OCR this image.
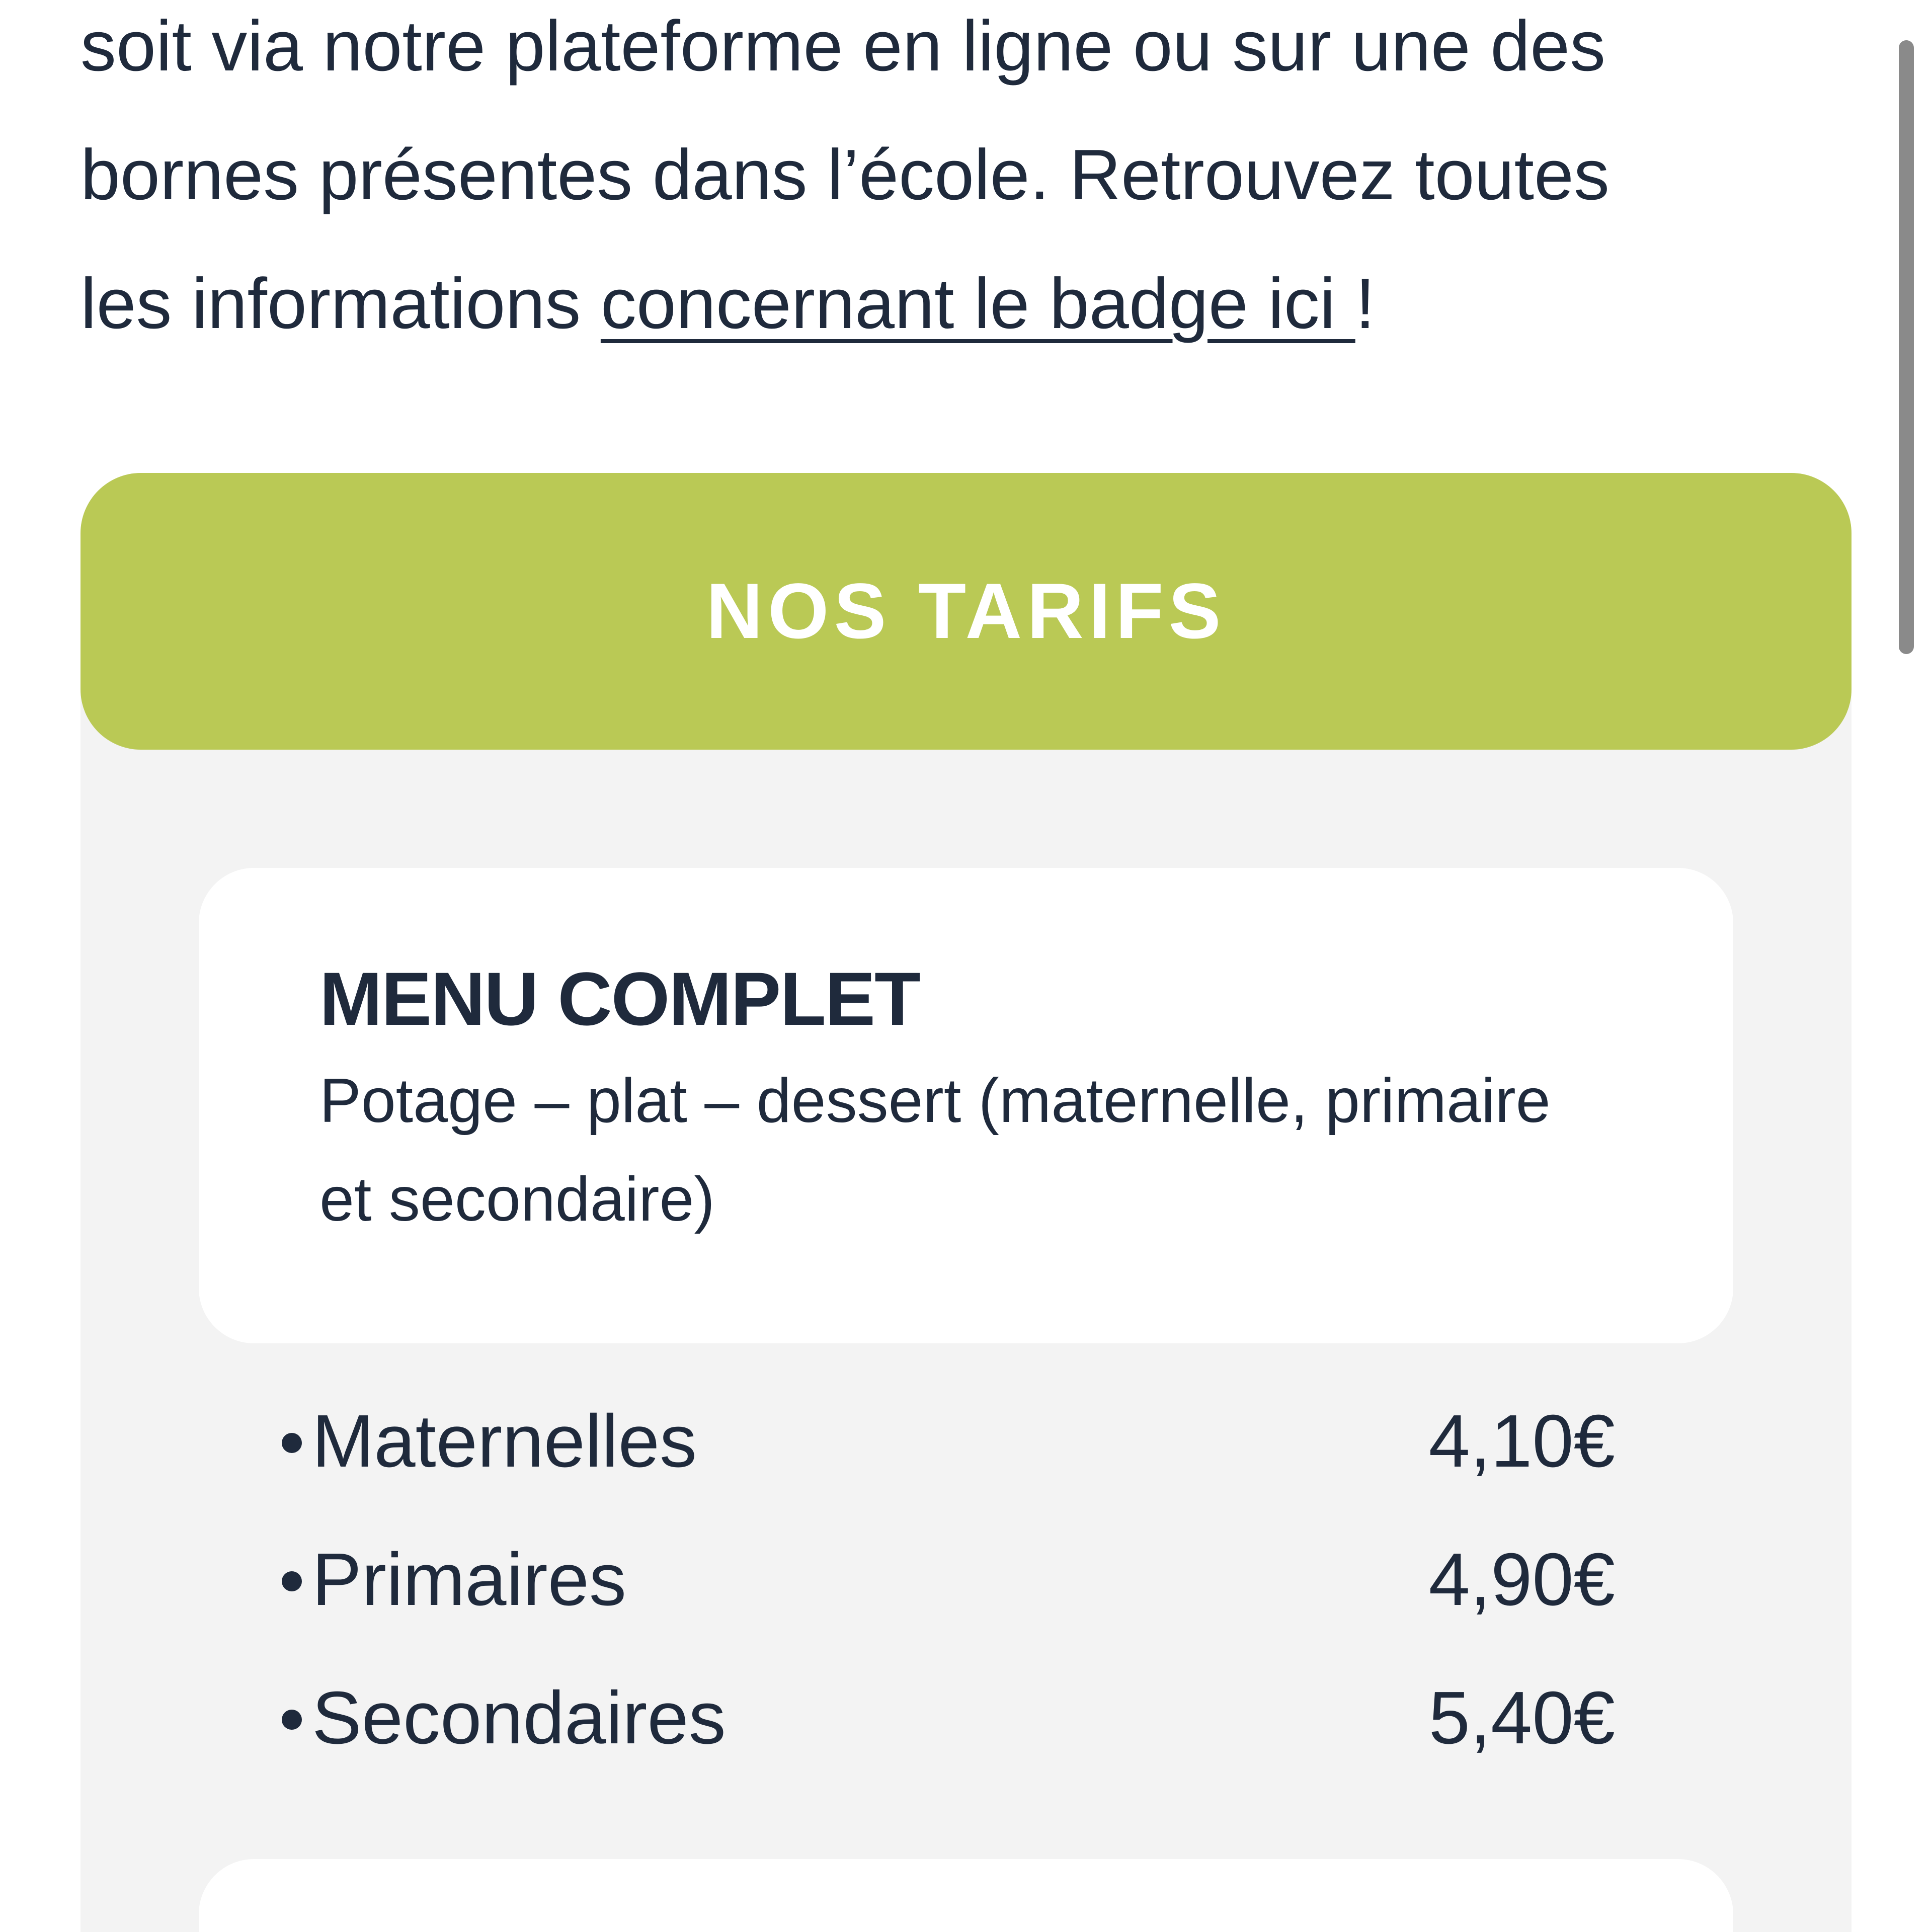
soit via notre plateforme en ligne ou sur une des
bornes présentes dans l’école. Retrouvez toutes
les informations concernant le badge ici !

NOS TARIFS
MENU COMPLET

Potage – plat – dessert (maternelle, primaire et secondaire)

Maternelles	4,10€
Primaires	4,90€
Secondaires	5,40€
